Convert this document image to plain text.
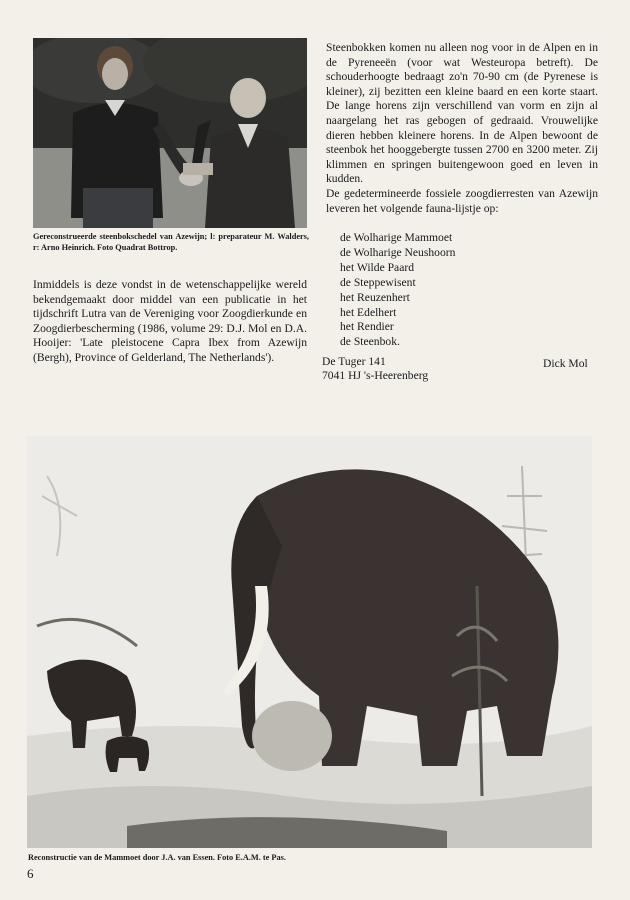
Gereconstrueerde steenbokschedel van Azewijn; l: preparateur M. Walders, r: Arno Heinrich. Foto Quadrat Bottrop.
Inmiddels is deze vondst in de wetenschappelijke wereld bekendgemaakt door middel van een publicatie in het tijdschrift Lutra van de Vereniging voor Zoogdierkunde en Zoogdierbescherming (1986, volume 29: D.J. Mol en D.A. Hooijer: 'Late pleistocene Capra Ibex from Azewijn (Bergh), Province of Gelderland, The Netherlands').

Steenbokken komen nu alleen nog voor in de Alpen en in de Pyreneeën (voor wat Westeuropa betreft). De schouderhoogte bedraagt zo'n 70-90 cm (de Pyrenese is kleiner), zij bezitten een kleine baard en een korte staart. De lange horens zijn verschillend van vorm en zijn al naargelang het ras gebogen of gedraaid. Vrouwelijke dieren hebben kleinere horens. In de Alpen bewoont de steenbok het hooggebergte tussen 2700 en 3200 meter. Zij klimmen en springen buitengewoon goed en leven in kudden.

De gedetermineerde fossiele zoogdierresten van Azewijn leveren het volgende fauna-lijstje op:

de Wolharige Mammoet
de Wolharige Neushoorn
het Wilde Paard
de Steppewisent
het Reuzenhert
het Edelhert
het Rendier
de Steenbok.
De Tuger 141
7041 HJ 's-Heerenberg
Dick Mol
Reconstructie van de Mammoet door J.A. van Essen. Foto E.A.M. te Pas.
6
